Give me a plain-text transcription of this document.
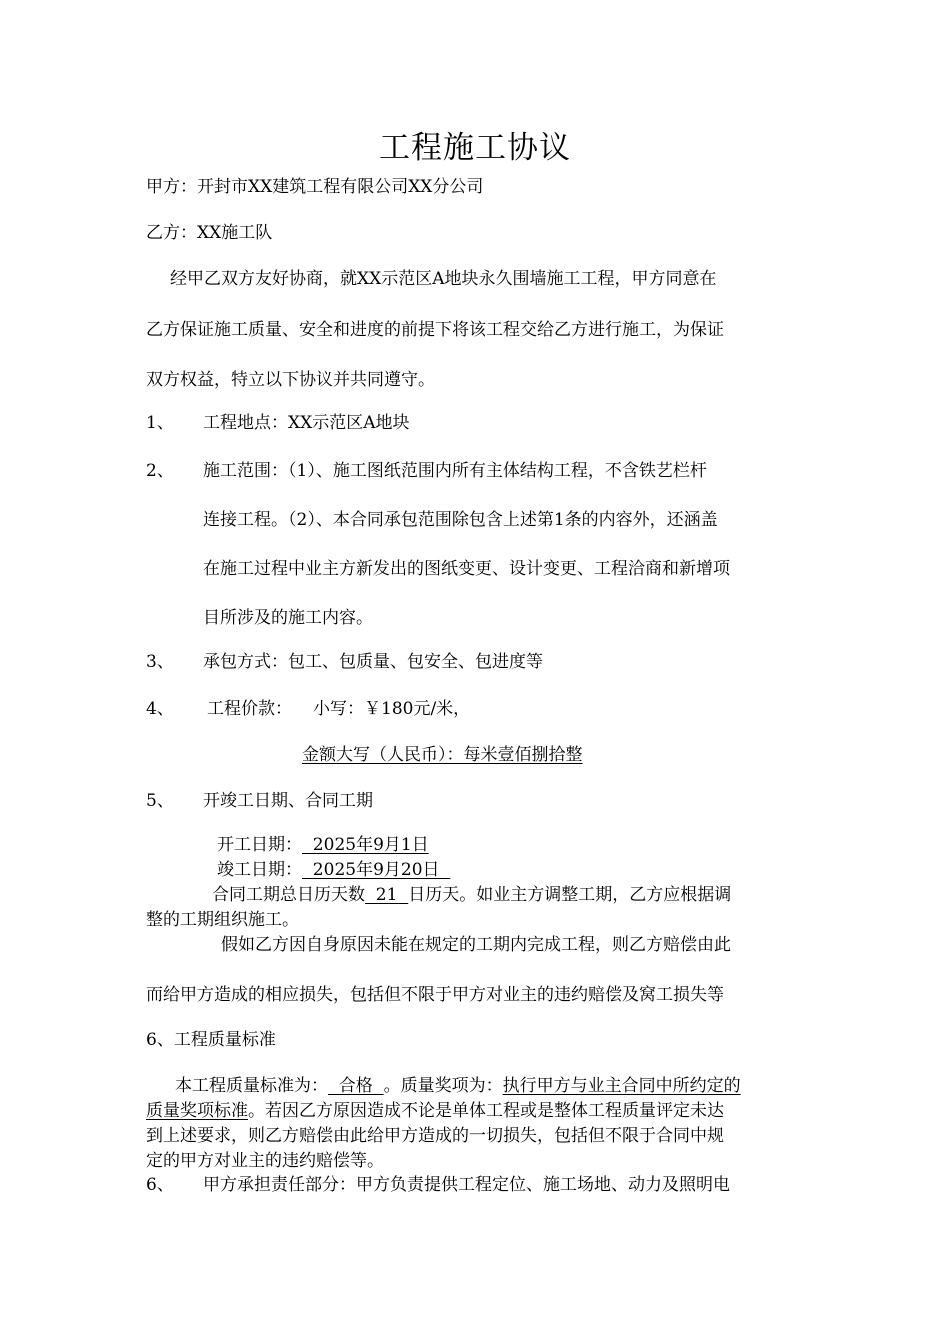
工程施工协议
甲方：开封市XX建筑工程有限公司XX分公司
乙方：XX施工队
经甲乙双方友好协商，就XX示范区A地块永久围墙施工工程，甲方同意在
乙方保证施工质量、安全和进度的前提下将该工程交给乙方进行施工，为保证
双方权益，特立以下协议并共同遵守。
1、 工程地点：XX示范区A地块
2、 施工范围：（1）、施工图纸范围内所有主体结构工程，不含铁艺栏杆
连接工程。（2）、本合同承包范围除包含上述第1条的内容外，还涵盖
在施工过程中业主方新发出的图纸变更、设计变更、工程洽商和新增项
目所涉及的施工内容。
3、 承包方式：包工、包质量、包安全、包进度等
4、 工程价款： 小写：￥180元/米，
金额大写（人民币）：每米壹佰捌拾整
5、 开竣工日期、合同工期
开工日期：  2025年9月1日
竣工日期：  2025年9月20日
合同工期总日历天数  21  日历天。如业主方调整工期，乙方应根据调
整的工期组织施工。
假如乙方因自身原因未能在规定的工期内完成工程，则乙方赔偿由此
而给甲方造成的相应损失，包括但不限于甲方对业主的违约赔偿及窝工损失等
6、工程质量标准
本工程质量标准为：  合格  。质量奖项为：执行甲方与业主合同中所约定的
质量奖项标准。若因乙方原因造成不论是单体工程或是整体工程质量评定未达
到上述要求，则乙方赔偿由此给甲方造成的一切损失，包括但不限于合同中规
定的甲方对业主的违约赔偿等。
6、 甲方承担责任部分：甲方负责提供工程定位、施工场地、动力及照明电
